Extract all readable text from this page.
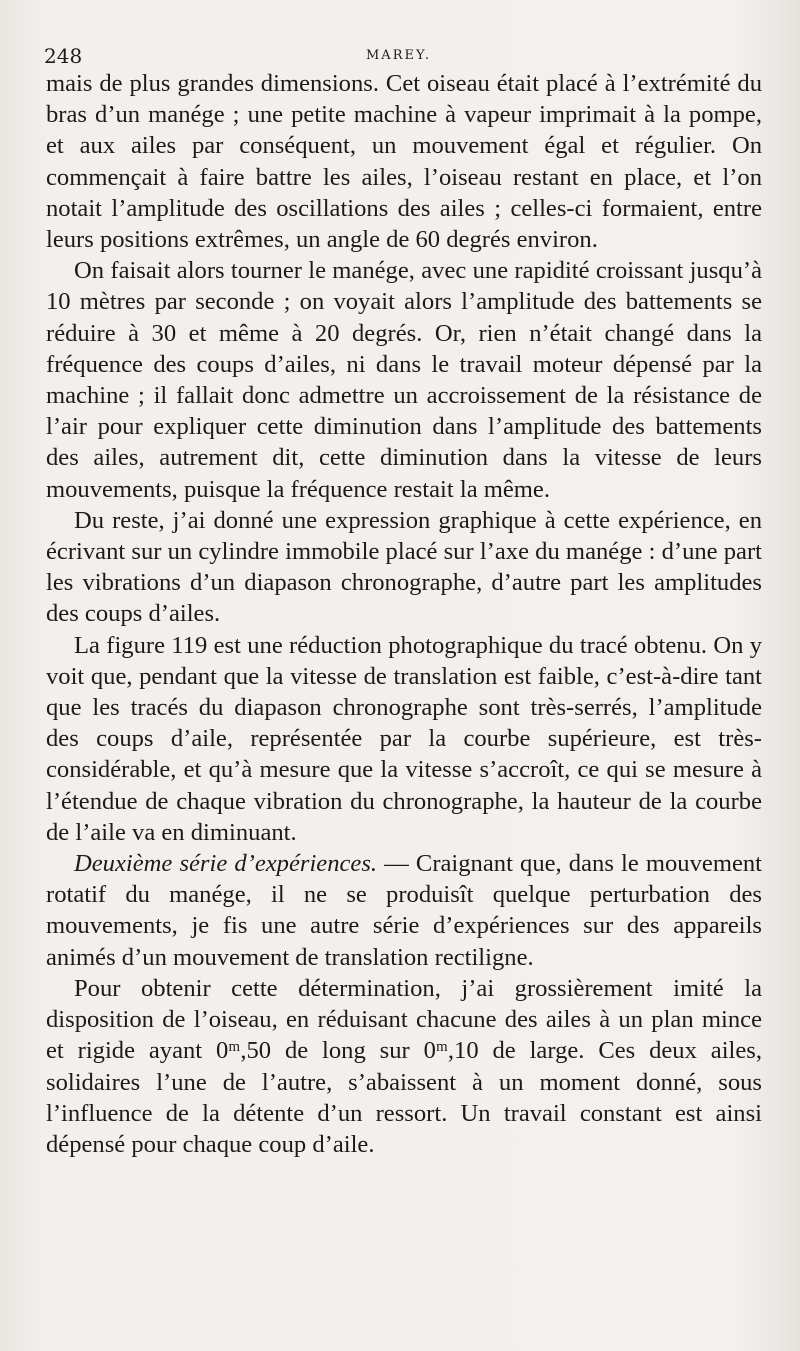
248	MAREY.

mais de plus grandes dimensions. Cet oiseau était placé à l’extrémité du bras d’un manége ; une petite machine à vapeur imprimait à la pompe, et aux ailes par conséquent, un mouvement égal et régulier. On commençait à faire battre les ailes, l’oiseau restant en place, et l’on notait l’amplitude des oscillations des ailes ; celles-ci formaient, entre leurs positions extrêmes, un angle de 60 degrés environ.

On faisait alors tourner le manége, avec une rapidité croissant jusqu’à 10 mètres par seconde ; on voyait alors l’amplitude des battements se réduire à 30 et même à 20 degrés. Or, rien n’était changé dans la fréquence des coups d’ailes, ni dans le travail moteur dépensé par la machine ; il fallait donc admettre un accroissement de la résistance de l’air pour expliquer cette diminution dans l’amplitude des battements des ailes, autrement dit, cette diminution dans la vitesse de leurs mouvements, puisque la fréquence restait la même.

Du reste, j’ai donné une expression graphique à cette expérience, en écrivant sur un cylindre immobile placé sur l’axe du manége : d’une part les vibrations d’un diapason chronographe, d’autre part les amplitudes des coups d’ailes.

La figure 119 est une réduction photographique du tracé obtenu. On y voit que, pendant que la vitesse de translation est faible, c’est-à-dire tant que les tracés du diapason chronographe sont très-serrés, l’amplitude des coups d’aile, représentée par la courbe supérieure, est très-considérable, et qu’à mesure que la vitesse s’accroît, ce qui se mesure à l’étendue de chaque vibration du chronographe, la hauteur de la courbe de l’aile va en diminuant.

Deuxième série d’expériences. — Craignant que, dans le mouvement rotatif du manége, il ne se produisît quelque perturbation des mouvements, je fis une autre série d’expériences sur des appareils animés d’un mouvement de translation rectiligne.

Pour obtenir cette détermination, j’ai grossièrement imité la disposition de l’oiseau, en réduisant chacune des ailes à un plan mince et rigide ayant 0ᵐ,50 de long sur 0ᵐ,10 de large. Ces deux ailes, solidaires l’une de l’autre, s’abaissent à un moment donné, sous l’influence de la détente d’un ressort. Un travail constant est ainsi dépensé pour chaque coup d’aile.
